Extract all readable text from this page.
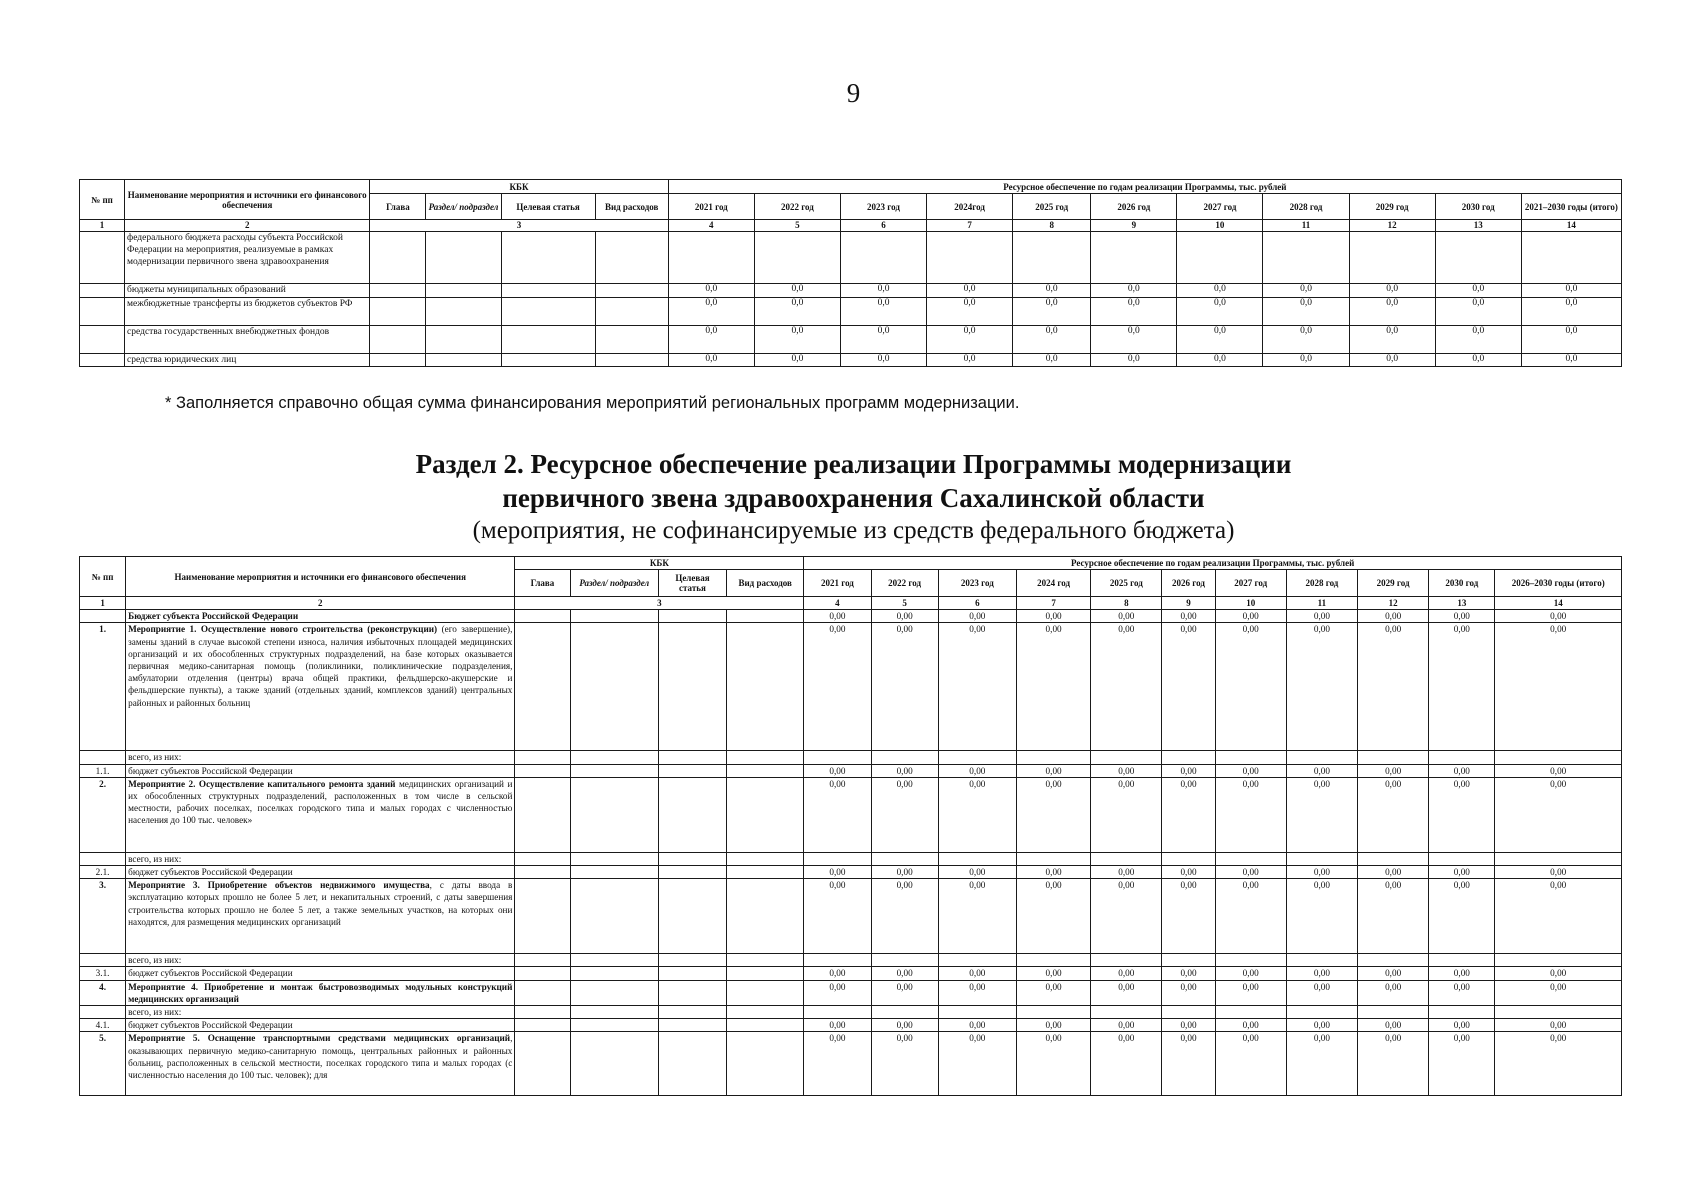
9
№ пп	Наименование мероприятия и источники его финансового обеспечения	КБК				Ресурсное обеспечение по годам реализации Программы, тыс. рублей										
		Глава	Раздел/ подраздел	Целевая статья	Вид расходов	2021 год	2022 год	2023 год	2024год	2025 год	2026 год	2027 год	2028 год	2029 год	2030 год	2021–2030 годы (итого)
1	2	3				4	5	6	7	8	9	10	11	12	13	14
	федерального бюджета расходы субъекта Российской Федерации на мероприятия, реализуемые в рамках модернизации первичного звена здравоохранения															
	бюджеты муниципальных образований					0,0	0,0	0,0	0,0	0,0	0,0	0,0	0,0	0,0	0,0	0,0
	межбюджетные трансферты из бюджетов субъектов РФ					0,0	0,0	0,0	0,0	0,0	0,0	0,0	0,0	0,0	0,0	0,0
	средства государственных внебюджетных фондов					0,0	0,0	0,0	0,0	0,0	0,0	0,0	0,0	0,0	0,0	0,0
	средства юридических лиц					0,0	0,0	0,0	0,0	0,0	0,0	0,0	0,0	0,0	0,0	0,0
* Заполняется справочно общая сумма финансирования мероприятий региональных программ модернизации.
Раздел 2. Ресурсное обеспечение реализации Программы модернизации
первичного звена здравоохранения Сахалинской области
(мероприятия, не софинансируемые из средств федерального бюджета)
№ пп	Наименование мероприятия и источники его финансового обеспечения	КБК				Ресурсное обеспечение по годам реализации Программы, тыс. рублей										
		Глава	Раздел/ подраздел	Целевая статья	Вид расходов	2021 год	2022 год	2023 год	2024 год	2025 год	2026 год	2027 год	2028 год	2029 год	2030 год	2026–2030 годы (итого)
1	2	3				4	5	6	7	8	9	10	11	12	13	14
	Бюджет субъекта Российской Федерации					0,00	0,00	0,00	0,00	0,00	0,00	0,00	0,00	0,00	0,00	0,00
1.	Мероприятие 1. Осуществление нового строительства (реконструкции) (его завершение), замены зданий в случае высокой степени износа, наличия избыточных площадей медицинских организаций и их обособленных структурных подразделений, на базе которых оказывается первичная медико-санитарная помощь (поликлиники, поликлинические подразделения, амбулатории отделения (центры) врача общей практики, фельдшерско-акушерские и фельдшерские пункты), а также зданий (отдельных зданий, комплексов зданий) центральных районных и районных больниц					0,00	0,00	0,00	0,00	0,00	0,00	0,00	0,00	0,00	0,00	0,00
	всего, из них:															
1.1.	бюджет субъектов Российской Федерации					0,00	0,00	0,00	0,00	0,00	0,00	0,00	0,00	0,00	0,00	0,00
2.	Мероприятие 2. Осуществление капитального ремонта зданий медицинских организаций и их обособленных структурных подразделений, расположенных в том числе в сельской местности, рабочих поселках, поселках городского типа и малых городах с численностью населения до 100 тыс. человек»					0,00	0,00	0,00	0,00	0,00	0,00	0,00	0,00	0,00	0,00	0,00
	всего, из них:															
2.1.	бюджет субъектов Российской Федерации					0,00	0,00	0,00	0,00	0,00	0,00	0,00	0,00	0,00	0,00	0,00
3.	Мероприятие 3. Приобретение объектов недвижимого имущества, с даты ввода в эксплуатацию которых прошло не более 5 лет, и некапитальных строений, с даты завершения строительства которых прошло не более 5 лет, а также земельных участков, на которых они находятся, для размещения медицинских организаций					0,00	0,00	0,00	0,00	0,00	0,00	0,00	0,00	0,00	0,00	0,00
	всего, из них:															
3.1.	бюджет субъектов Российской Федерации					0,00	0,00	0,00	0,00	0,00	0,00	0,00	0,00	0,00	0,00	0,00
4.	Мероприятие 4. Приобретение и монтаж быстровозводимых модульных конструкций медицинских организаций					0,00	0,00	0,00	0,00	0,00	0,00	0,00	0,00	0,00	0,00	0,00
	всего, из них:															
4.1.	бюджет субъектов Российской Федерации					0,00	0,00	0,00	0,00	0,00	0,00	0,00	0,00	0,00	0,00	0,00
5.	Мероприятие 5. Оснащение транспортными средствами медицинских организаций, оказывающих первичную медико-санитарную помощь, центральных районных и районных больниц, расположенных в сельской местности, поселках городского типа и малых городах (с численностью населения до 100 тыс. человек); для					0,00	0,00	0,00	0,00	0,00	0,00	0,00	0,00	0,00	0,00	0,00
